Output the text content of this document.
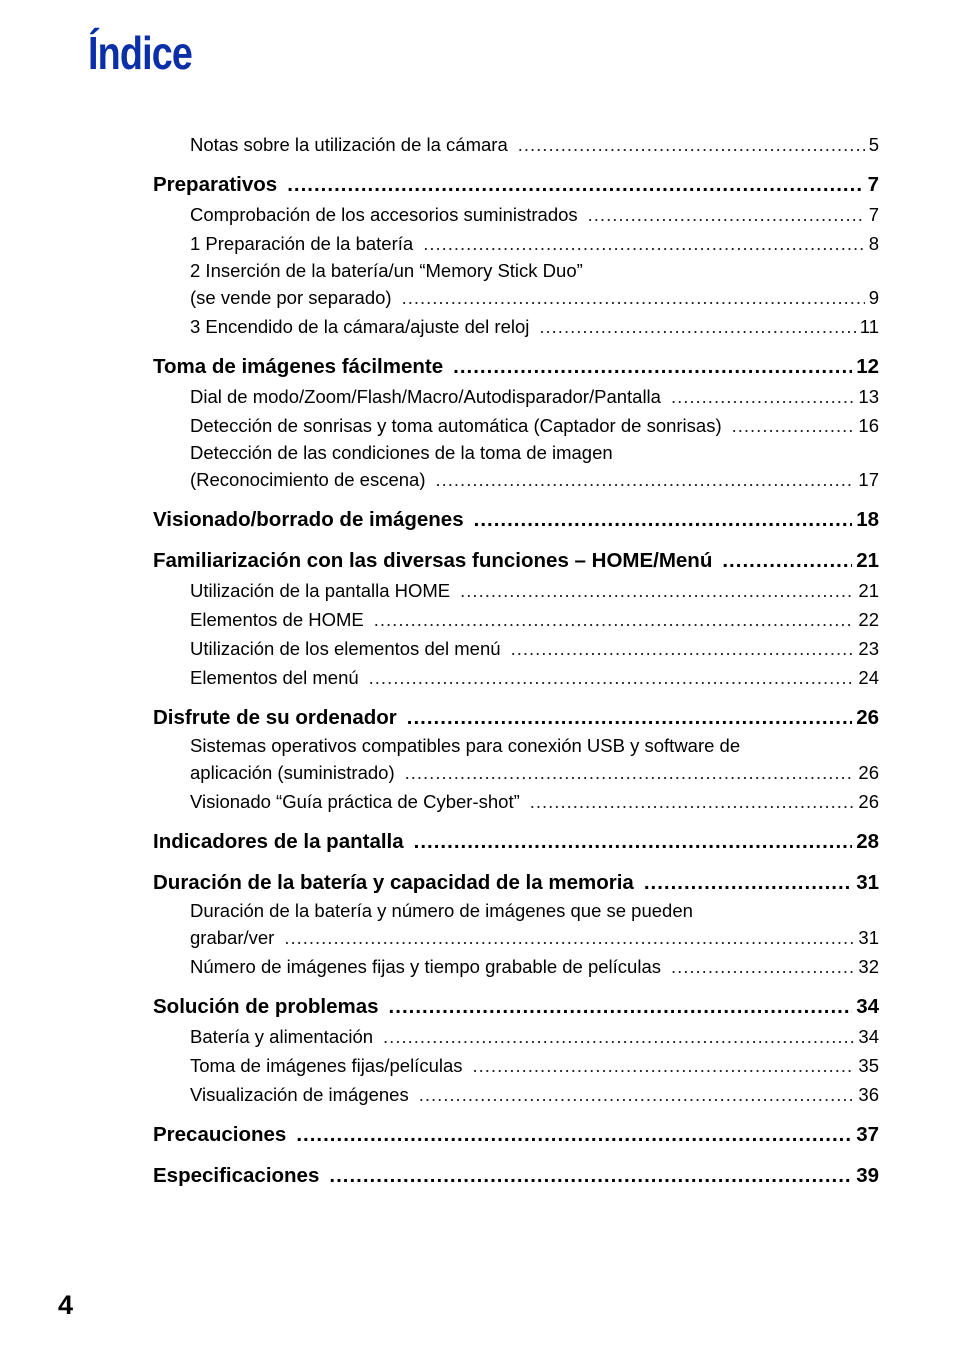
Índice
Notas sobre la utilización de la cámara .....	5
Preparativos .....	7
Comprobación de los accesorios suministrados .....	7
1 Preparación de la batería .....	8
2 Inserción de la batería/un “Memory Stick Duo”
(se vende por separado) .....	9
3 Encendido de la cámara/ajuste del reloj .....	11
Toma de imágenes fácilmente .....	12
Dial de modo/Zoom/Flash/Macro/Autodisparador/Pantalla .....	13
Detección de sonrisas y toma automática (Captador de sonrisas) .....	16
Detección de las condiciones de la toma de imagen
(Reconocimiento de escena) .....	17
Visionado/borrado de imágenes .....	18
Familiarización con las diversas funciones – HOME/Menú .....	21
Utilización de la pantalla HOME .....	21
Elementos de HOME .....	22
Utilización de los elementos del menú .....	23
Elementos del menú .....	24
Disfrute de su ordenador .....	26
Sistemas operativos compatibles para conexión USB y software de
aplicación (suministrado) .....	26
Visionado “Guía práctica de Cyber-shot” .....	26
Indicadores de la pantalla .....	28
Duración de la batería y capacidad de la memoria .....	31
Duración de la batería y número de imágenes que se pueden
grabar/ver .....	31
Número de imágenes fijas y tiempo grabable de películas .....	32
Solución de problemas .....	34
Batería y alimentación .....	34
Toma de imágenes fijas/películas .....	35
Visualización de imágenes .....	36
Precauciones .....	37
Especificaciones .....	39
4
